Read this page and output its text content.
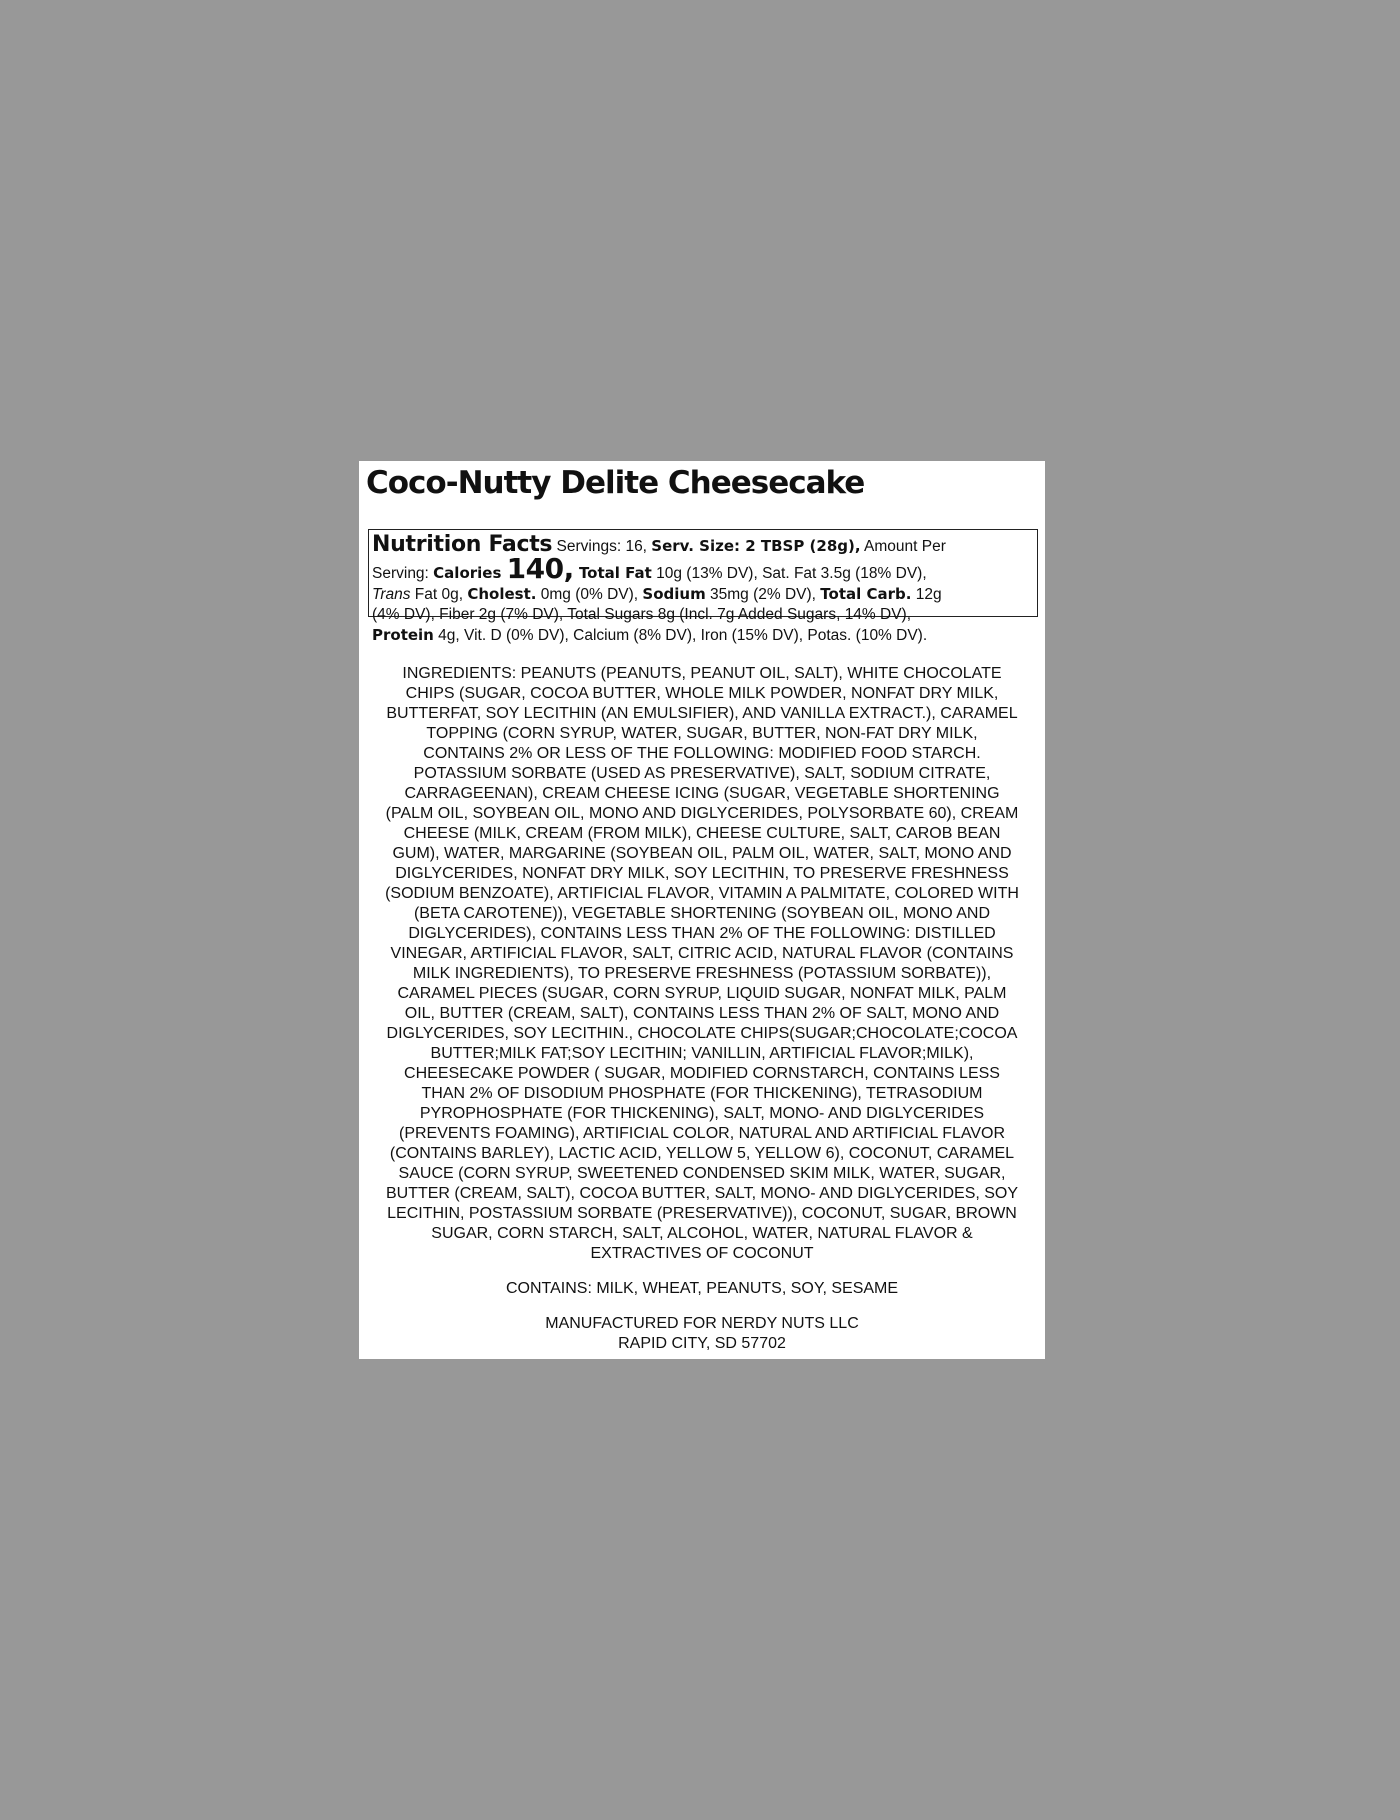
Coco-Nutty Delite Cheesecake
Nutrition Facts Servings: 16, Serv. Size: 2 TBSP (28g), Amount Per
Serving: Calories 140, Total Fat 10g (13% DV), Sat. Fat 3.5g (18% DV),
Trans Fat 0g, Cholest. 0mg (0% DV), Sodium 35mg (2% DV), Total Carb. 12g
(4% DV), Fiber 2g (7% DV), Total Sugars 8g (Incl. 7g Added Sugars, 14% DV),
Protein 4g, Vit. D (0% DV), Calcium (8% DV), Iron (15% DV), Potas. (10% DV).
INGREDIENTS: PEANUTS (PEANUTS, PEANUT OIL, SALT), WHITE CHOCOLATE
CHIPS (SUGAR, COCOA BUTTER, WHOLE MILK POWDER, NONFAT DRY MILK,
BUTTERFAT, SOY LECITHIN (AN EMULSIFIER), AND VANILLA EXTRACT.), CARAMEL
TOPPING (CORN SYRUP, WATER, SUGAR, BUTTER, NON-FAT DRY MILK,
CONTAINS 2% OR LESS OF THE FOLLOWING: MODIFIED FOOD STARCH.
POTASSIUM SORBATE (USED AS PRESERVATIVE), SALT, SODIUM CITRATE,
CARRAGEENAN), CREAM CHEESE ICING (SUGAR, VEGETABLE SHORTENING
(PALM OIL, SOYBEAN OIL, MONO AND DIGLYCERIDES, POLYSORBATE 60), CREAM
CHEESE (MILK, CREAM (FROM MILK), CHEESE CULTURE, SALT, CAROB BEAN
GUM), WATER, MARGARINE (SOYBEAN OIL, PALM OIL, WATER, SALT, MONO AND
DIGLYCERIDES, NONFAT DRY MILK, SOY LECITHIN, TO PRESERVE FRESHNESS
(SODIUM BENZOATE), ARTIFICIAL FLAVOR, VITAMIN A PALMITATE, COLORED WITH
(BETA CAROTENE)), VEGETABLE SHORTENING (SOYBEAN OIL, MONO AND
DIGLYCERIDES), CONTAINS LESS THAN 2% OF THE FOLLOWING: DISTILLED
VINEGAR, ARTIFICIAL FLAVOR, SALT, CITRIC ACID, NATURAL FLAVOR (CONTAINS
MILK INGREDIENTS), TO PRESERVE FRESHNESS (POTASSIUM SORBATE)),
CARAMEL PIECES (SUGAR, CORN SYRUP, LIQUID SUGAR, NONFAT MILK, PALM
OIL, BUTTER (CREAM, SALT), CONTAINS LESS THAN 2% OF SALT, MONO AND
DIGLYCERIDES, SOY LECITHIN., CHOCOLATE CHIPS(SUGAR;CHOCOLATE;COCOA
BUTTER;MILK FAT;SOY LECITHIN; VANILLIN, ARTIFICIAL FLAVOR;MILK),
CHEESECAKE POWDER ( SUGAR, MODIFIED CORNSTARCH, CONTAINS LESS
THAN 2% OF DISODIUM PHOSPHATE (FOR THICKENING), TETRASODIUM
PYROPHOSPHATE (FOR THICKENING), SALT, MONO- AND DIGLYCERIDES
(PREVENTS FOAMING), ARTIFICIAL COLOR, NATURAL AND ARTIFICIAL FLAVOR
(CONTAINS BARLEY), LACTIC ACID, YELLOW 5, YELLOW 6), COCONUT, CARAMEL
SAUCE (CORN SYRUP, SWEETENED CONDENSED SKIM MILK, WATER, SUGAR,
BUTTER (CREAM, SALT), COCOA BUTTER, SALT, MONO- AND DIGLYCERIDES, SOY
LECITHIN, POSTASSIUM SORBATE (PRESERVATIVE)), COCONUT, SUGAR, BROWN
SUGAR, CORN STARCH, SALT, ALCOHOL, WATER, NATURAL FLAVOR &
EXTRACTIVES OF COCONUT

CONTAINS: MILK, WHEAT, PEANUTS, SOY, SESAME

MANUFACTURED FOR NERDY NUTS LLC
RAPID CITY, SD 57702
